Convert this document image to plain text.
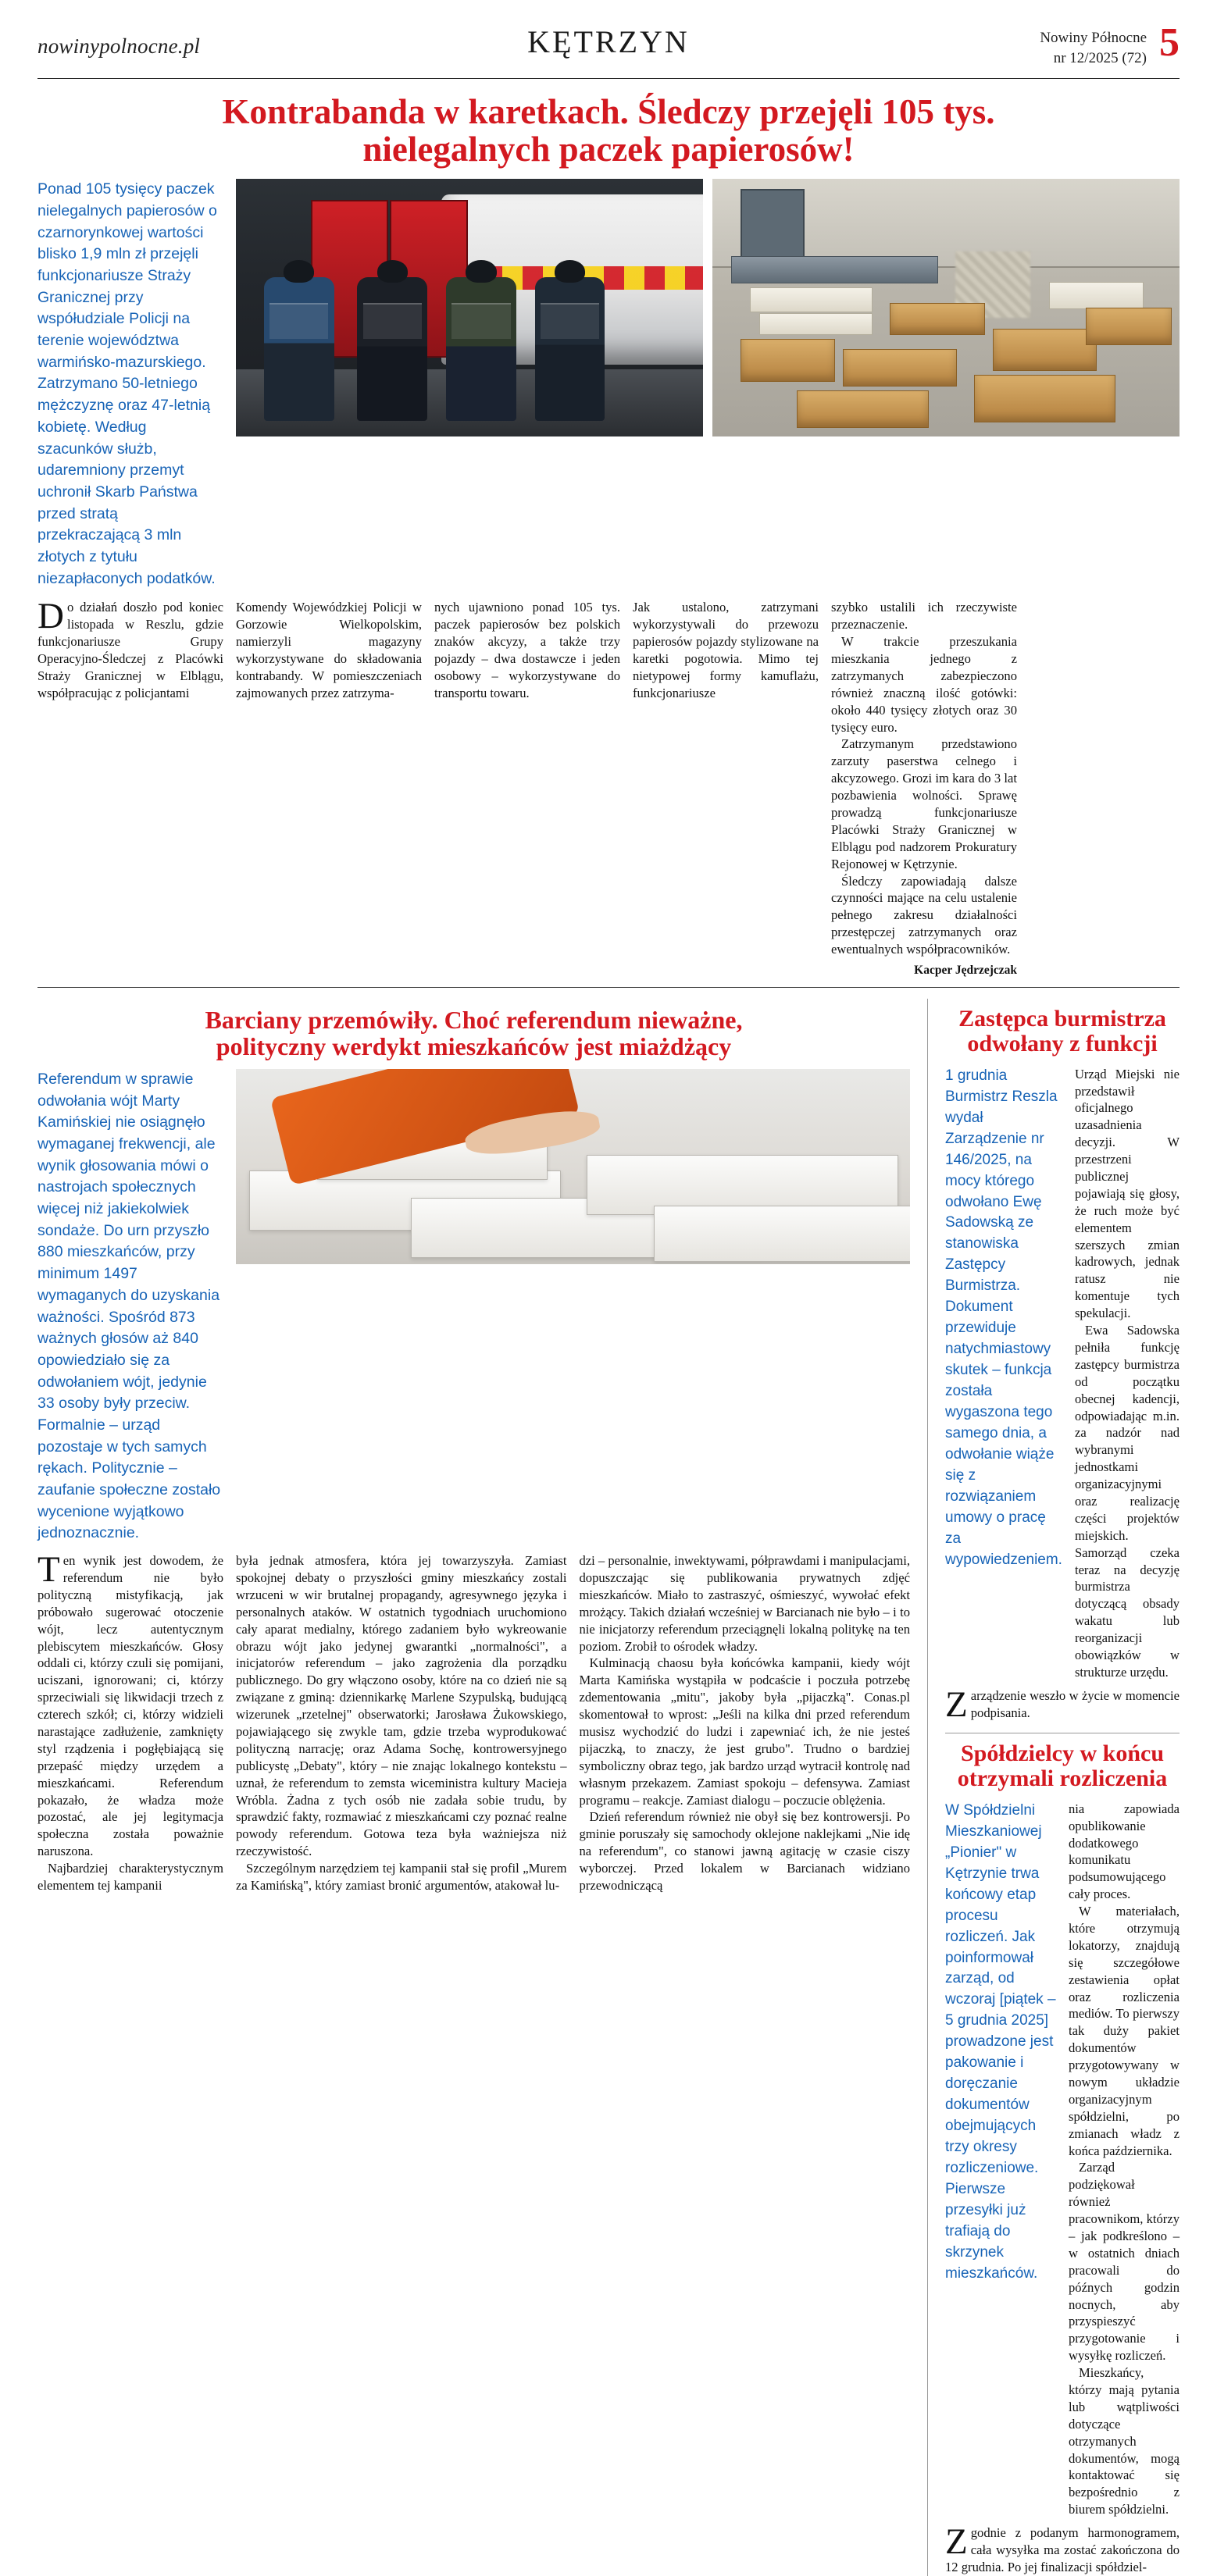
nowinypolnocne.pl	KĘTRZYN	Nowiny Północne
nr 12/2025 (72) 5
Kontrabanda w karetkach. Śledczy przejęli 105 tys.
nielegalnych paczek papierosów!
Ponad 105 tysięcy paczek nielegalnych papierosów o czarnorynkowej wartości blisko 1,9 mln zł przejęli funkcjonariusze Straży Granicznej przy współudziale Policji na terenie województwa warmińsko-mazurskiego. Zatrzymano 50-letniego mężczyznę oraz 47-letnią kobietę. Według szacunków służb, udaremniony przemyt uchronił Skarb Państwa przed stratą przekraczającą 3 mln złotych z tytułu niezapłaconych podatków.

Do działań doszło pod koniec listopada w Reszlu, gdzie funkcjonariusze Grupy Operacyjno-Śledczej z Placówki Straży Granicznej w Elblągu, współpracując z policjantami

Komendy Wojewódzkiej Policji w Gorzowie Wielkopolskim, namierzyli magazyny wykorzystywane do składowania kontrabandy. W pomieszczeniach zajmowanych przez zatrzyma-

nych ujawniono ponad 105 tys. paczek papierosów bez polskich znaków akcyzy, a także trzy pojazdy – dwa dostawcze i jeden osobowy – wykorzystywane do transportu towaru.

Jak ustalono, zatrzymani wykorzystywali do przewozu papierosów pojazdy stylizowane na karetki pogotowia. Mimo tej nietypowej formy kamuflażu, funkcjonariusze

szybko ustalili ich rzeczywiste przeznaczenie.

W trakcie przeszukania mieszkania jednego z zatrzymanych zabezpieczono również znaczną ilość gotówki: około 440 tysięcy złotych oraz 30 tysięcy euro.

Zatrzymanym przedstawiono zarzuty paserstwa celnego i akcyzowego. Grozi im kara do 3 lat pozbawienia wolności. Sprawę prowadzą funkcjonariusze Placówki Straży Granicznej w Elblągu pod nadzorem Prokuratury Rejonowej w Kętrzynie.

Śledczy zapowiadają dalsze czynności mające na celu ustalenie pełnego zakresu działalności przestępczej zatrzymanych oraz ewentualnych współpracowników.

Kacper Jędrzejczak
Barciany przemówiły. Choć referendum nieważne,
polityczny werdykt mieszkańców jest miażdżący
Referendum w sprawie odwołania wójt Marty Kamińskiej nie osiągnęło wymaganej frekwencji, ale wynik głosowania mówi o nastrojach społecznych więcej niż jakiekolwiek sondaże. Do urn przyszło 880 mieszkańców, przy minimum 1497 wymaganych do uzyskania ważności. Spośród 873 ważnych głosów aż 840 opowiedziało się za odwołaniem wójt, jedynie 33 osoby były przeciw. Formalnie – urząd pozostaje w tych samych rękach. Politycznie – zaufanie społeczne zostało wycenione wyjątkowo jednoznacznie.

Ten wynik jest dowodem, że referendum nie było polityczną mistyfikacją, jak próbowało sugerować otoczenie wójt, lecz autentycznym plebiscytem mieszkańców. Głosy oddali ci, którzy czuli się pomijani, uciszani, ignorowani; ci, którzy sprzeciwiali się likwidacji trzech z czterech szkół; ci, którzy widzieli narastające zadłużenie, zamknięty styl rządzenia i pogłębiającą się przepaść między urzędem a mieszkańcami. Referendum pokazało, że władza może pozostać, ale jej legitymacja społeczna została poważnie naruszona.

Najbardziej charakterystycznym elementem tej kampanii

była jednak atmosfera, która jej towarzyszyła. Zamiast spokojnej debaty o przyszłości gminy mieszkańcy zostali wrzuceni w wir brutalnej propagandy, agresywnego języka i personalnych ataków. W ostatnich tygodniach uruchomiono cały aparat medialny, którego zadaniem było wykreowanie obrazu wójt jako jedynej gwarantki „normalności", a inicjatorów referendum – jako zagrożenia dla porządku publicznego. Do gry włączono osoby, które na co dzień nie są związane z gminą: dziennikarkę Marlene Szypulską, budującą wizerunek „rzetelnej" obserwatorki; Jarosława Żukowskiego, pojawiającego się zwykle tam, gdzie trzeba wyprodukować polityczną narrację; oraz Adama Sochę, kontrowersyjnego publicystę „Debaty", który – nie znając lokalnego kontekstu – uznał, że referendum to zemsta wiceministra kultury Macieja Wróbla. Żadna z tych osób nie zadała sobie trudu, by sprawdzić fakty, rozmawiać z mieszkańcami czy poznać realne powody referendum. Gotowa teza była ważniejsza niż rzeczywistość.

Szczególnym narzędziem tej kampanii stał się profil „Murem za Kamińską", który zamiast bronić argumentów, atakował lu-

dzi – personalnie, inwektywami, półprawdami i manipulacjami, dopuszczając się publikowania prywatnych zdjęć mieszkańców. Miało to zastraszyć, ośmieszyć, wywołać efekt mrożący. Takich działań wcześniej w Barcianach nie było – i to nie inicjatorzy referendum przeciągnęli lokalną politykę na ten poziom. Zrobił to ośrodek władzy.

Kulminacją chaosu była końcówka kampanii, kiedy wójt Marta Kamińska wystąpiła w podcaście i poczuła potrzebę zdementowania „mitu", jakoby była „pijaczką". Conas.pl skomentował to wprost: „Jeśli na kilka dni przed referendum musisz wychodzić do ludzi i zapewniać ich, że nie jesteś pijaczką, to znaczy, że jest grubo". Trudno o bardziej symboliczny obraz tego, jak bardzo urząd wytracił kontrolę nad własnym przekazem. Zamiast spokoju – defensywa. Zamiast programu – reakcje. Zamiast dialogu – poczucie oblężenia.

Dzień referendum również nie obył się bez kontrowersji. Po gminie poruszały się samochody oklejone naklejkami „Nie idę na referendum", co stanowi jawną agitację w czasie ciszy wyborczej. Przed lokalem w Barcianach widziano przewodniczącą

Zastępca burmistrza
odwołany z funkcji
1 grudnia Burmistrz Reszla wydał Zarządzenie nr 146/2025, na mocy którego odwołano Ewę Sadowską ze stanowiska Zastępcy Burmistrza. Dokument przewiduje natychmiastowy skutek – funkcja została wygaszona tego samego dnia, a odwołanie wiąże się z rozwiązaniem umowy o pracę za wypowiedzeniem.

Urząd Miejski nie przedstawił oficjalnego uzasadnienia decyzji. W przestrzeni publicznej pojawiają się głosy, że ruch może być elementem szerszych zmian kadrowych, jednak ratusz nie komentuje tych spekulacji.

Ewa Sadowska pełniła funkcję zastępcy burmistrza od początku obecnej kadencji, odpowiadając m.in. za nadzór nad wybranymi jednostkami organizacyjnymi oraz realizację części projektów miejskich. Samorząd czeka teraz na decyzję burmistrza dotyczącą obsady wakatu lub reorganizacji obowiązków w strukturze urzędu.

Zarządzenie weszło w życie w momencie podpisania.

Spółdzielcy w końcu
otrzymali rozliczenia
W Spółdzielni Mieszkaniowej „Pionier" w Kętrzynie trwa końcowy etap procesu rozliczeń. Jak poinformował zarząd, od wczoraj [piątek – 5 grudnia 2025] prowadzone jest pakowanie i doręczanie dokumentów obejmujących trzy okresy rozliczeniowe. Pierwsze przesyłki już trafiają do skrzynek mieszkańców.

nia zapowiada opublikowanie dodatkowego komunikatu podsumowującego cały proces.

W materiałach, które otrzymują lokatorzy, znajdują się szczegółowe zestawienia opłat oraz rozliczenia mediów. To pierwszy tak duży pakiet dokumentów przygotowywany w nowym układzie organizacyjnym spółdzielni, po zmianach władz z końca października.

Zarząd podziękował również pracownikom, którzy – jak podkreślono – w ostatnich dniach pracowali do późnych godzin nocnych, aby przyspieszyć przygotowanie i wysyłkę rozliczeń.

Mieszkańcy, którzy mają pytania lub wątpliwości dotyczące otrzymanych dokumentów, mogą kontaktować się bezpośrednio z biurem spółdzielni.

Zgodnie z podanym harmonogramem, cała wysyłka ma zostać zakończona do 12 grudnia. Po jej finalizacji spółdziel-
